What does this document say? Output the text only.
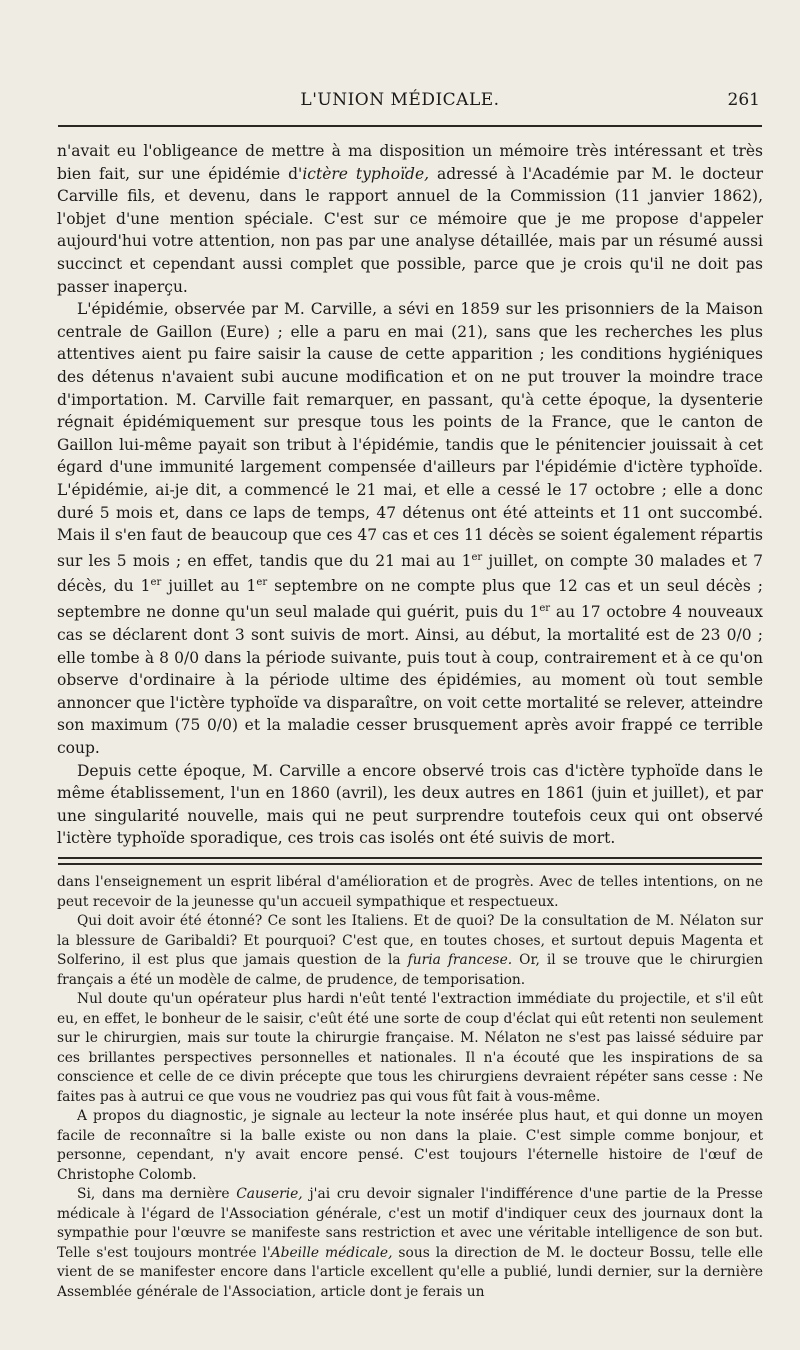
L'UNION MÉDICALE.	261

n'avait eu l'obligeance de mettre à ma disposition un mémoire très intéressant et très bien fait, sur une épidémie d'ictère typhoïde, adressé à l'Académie par M. le docteur Carville fils, et devenu, dans le rapport annuel de la Commission (11 janvier 1862), l'objet d'une mention spéciale. C'est sur ce mémoire que je me propose d'appeler aujourd'hui votre attention, non pas par une analyse détaillée, mais par un résumé aussi succinct et cependant aussi complet que possible, parce que je crois qu'il ne doit pas passer inaperçu.

L'épidémie, observée par M. Carville, a sévi en 1859 sur les prisonniers de la Maison centrale de Gaillon (Eure) ; elle a paru en mai (21), sans que les recherches les plus attentives aient pu faire saisir la cause de cette apparition ; les conditions hygiéniques des détenus n'avaient subi aucune modification et on ne put trouver la moindre trace d'importation. M. Carville fait remarquer, en passant, qu'à cette époque, la dysenterie régnait épidémiquement sur presque tous les points de la France, que le canton de Gaillon lui-même payait son tribut à l'épidémie, tandis que le pénitencier jouissait à cet égard d'une immunité largement compensée d'ailleurs par l'épidémie d'ictère typhoïde. L'épidémie, ai-je dit, a commencé le 21 mai, et elle a cessé le 17 octobre ; elle a donc duré 5 mois et, dans ce laps de temps, 47 détenus ont été atteints et 11 ont succombé. Mais il s'en faut de beaucoup que ces 47 cas et ces 11 décès se soient également répartis sur les 5 mois ; en effet, tandis que du 21 mai au 1er juillet, on compte 30 malades et 7 décès, du 1er juillet au 1er septembre on ne compte plus que 12 cas et un seul décès ; septembre ne donne qu'un seul malade qui guérit, puis du 1er au 17 octobre 4 nouveaux cas se déclarent dont 3 sont suivis de mort. Ainsi, au début, la mortalité est de 23 0/0 ; elle tombe à 8 0/0 dans la période suivante, puis tout à coup, contrairement et à ce qu'on observe d'ordinaire à la période ultime des épidémies, au moment où tout semble annoncer que l'ictère typhoïde va disparaître, on voit cette mortalité se relever, atteindre son maximum (75 0/0) et la maladie cesser brusquement après avoir frappé ce terrible coup.

Depuis cette époque, M. Carville a encore observé trois cas d'ictère typhoïde dans le même établissement, l'un en 1860 (avril), les deux autres en 1861 (juin et juillet), et par une singularité nouvelle, mais qui ne peut surprendre toutefois ceux qui ont observé l'ictère typhoïde sporadique, ces trois cas isolés ont été suivis de mort.

dans l'enseignement un esprit libéral d'amélioration et de progrès. Avec de telles intentions, on ne peut recevoir de la jeunesse qu'un accueil sympathique et respectueux.

Qui doit avoir été étonné? Ce sont les Italiens. Et de quoi? De la consultation de M. Nélaton sur la blessure de Garibaldi? Et pourquoi? C'est que, en toutes choses, et surtout depuis Magenta et Solferino, il est plus que jamais question de la furia francese. Or, il se trouve que le chirurgien français a été un modèle de calme, de prudence, de temporisation.

Nul doute qu'un opérateur plus hardi n'eût tenté l'extraction immédiate du projectile, et s'il eût eu, en effet, le bonheur de le saisir, c'eût été une sorte de coup d'éclat qui eût retenti non seulement sur le chirurgien, mais sur toute la chirurgie française. M. Nélaton ne s'est pas laissé séduire par ces brillantes perspectives personnelles et nationales. Il n'a écouté que les inspirations de sa conscience et celle de ce divin précepte que tous les chirurgiens devraient répéter sans cesse : Ne faites pas à autrui ce que vous ne voudriez pas qui vous fût fait à vous-même.

A propos du diagnostic, je signale au lecteur la note insérée plus haut, et qui donne un moyen facile de reconnaître si la balle existe ou non dans la plaie. C'est simple comme bonjour, et personne, cependant, n'y avait encore pensé. C'est toujours l'éternelle histoire de l'œuf de Christophe Colomb.

Si, dans ma dernière Causerie, j'ai cru devoir signaler l'indifférence d'une partie de la Presse médicale à l'égard de l'Association générale, c'est un motif d'indiquer ceux des journaux dont la sympathie pour l'œuvre se manifeste sans restriction et avec une véritable intelligence de son but. Telle s'est toujours montrée l'Abeille médicale, sous la direction de M. le docteur Bossu, telle elle vient de se manifester encore dans l'article excellent qu'elle a publié, lundi dernier, sur la dernière Assemblée générale de l'Association, article dont je ferais un
